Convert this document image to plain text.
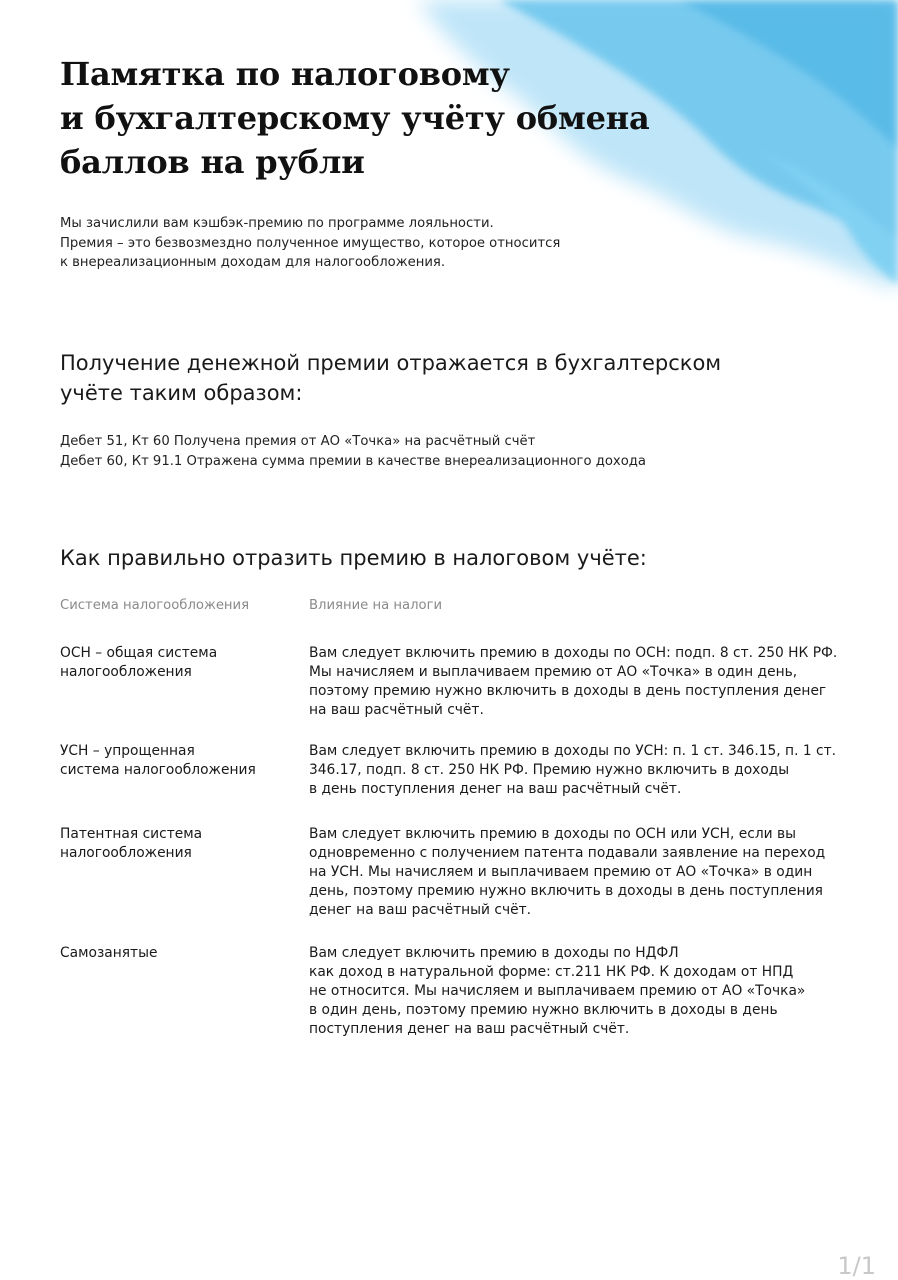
Памятка по налоговому
и бухгалтерскому учёту обмена
баллов на рубли
Мы зачислили вам кэшбэк-премию по программе лояльности.
Премия – это безвозмездно полученное имущество, которое относится
к внереализационным доходам для налогообложения.
Получение денежной премии отражается в бухгалтерском
учёте таким образом:
Дебет 51, Кт 60 Получена премия от АО «Точка» на расчётный счёт
Дебет 60, Кт 91.1 Отражена сумма премии в качестве внереализационного дохода
Как правильно отразить премию в налоговом учёте:
Система налогообложения	Влияние на налоги
ОСН – общая система
налогообложения
Вам следует включить премию в доходы по ОСН: подп. 8 ст. 250 НК РФ.
Мы начисляем и выплачиваем премию от АО «Точка» в один день,
поэтому премию нужно включить в доходы в день поступления денег
на ваш расчётный счёт.
УСН – упрощенная
система налогообложения
Вам следует включить премию в доходы по УСН: п. 1 ст. 346.15, п. 1 ст.
346.17, подп. 8 ст. 250 НК РФ. Премию нужно включить в доходы
в день поступления денег на ваш расчётный счёт.
Патентная система
налогообложения
Вам следует включить премию в доходы по ОСН или УСН, если вы
одновременно с получением патента подавали заявление на переход
на УСН. Мы начисляем и выплачиваем премию от АО «Точка» в один
день, поэтому премию нужно включить в доходы в день поступления
денег на ваш расчётный счёт.
Самозанятые	Вам следует включить премию в доходы по НДФЛ
как доход в натуральной форме: ст.211 НК РФ. К доходам от НПД
не относится. Мы начисляем и выплачиваем премию от АО «Точка»
в один день, поэтому премию нужно включить в доходы в день
поступления денег на ваш расчётный счёт.
1/1
